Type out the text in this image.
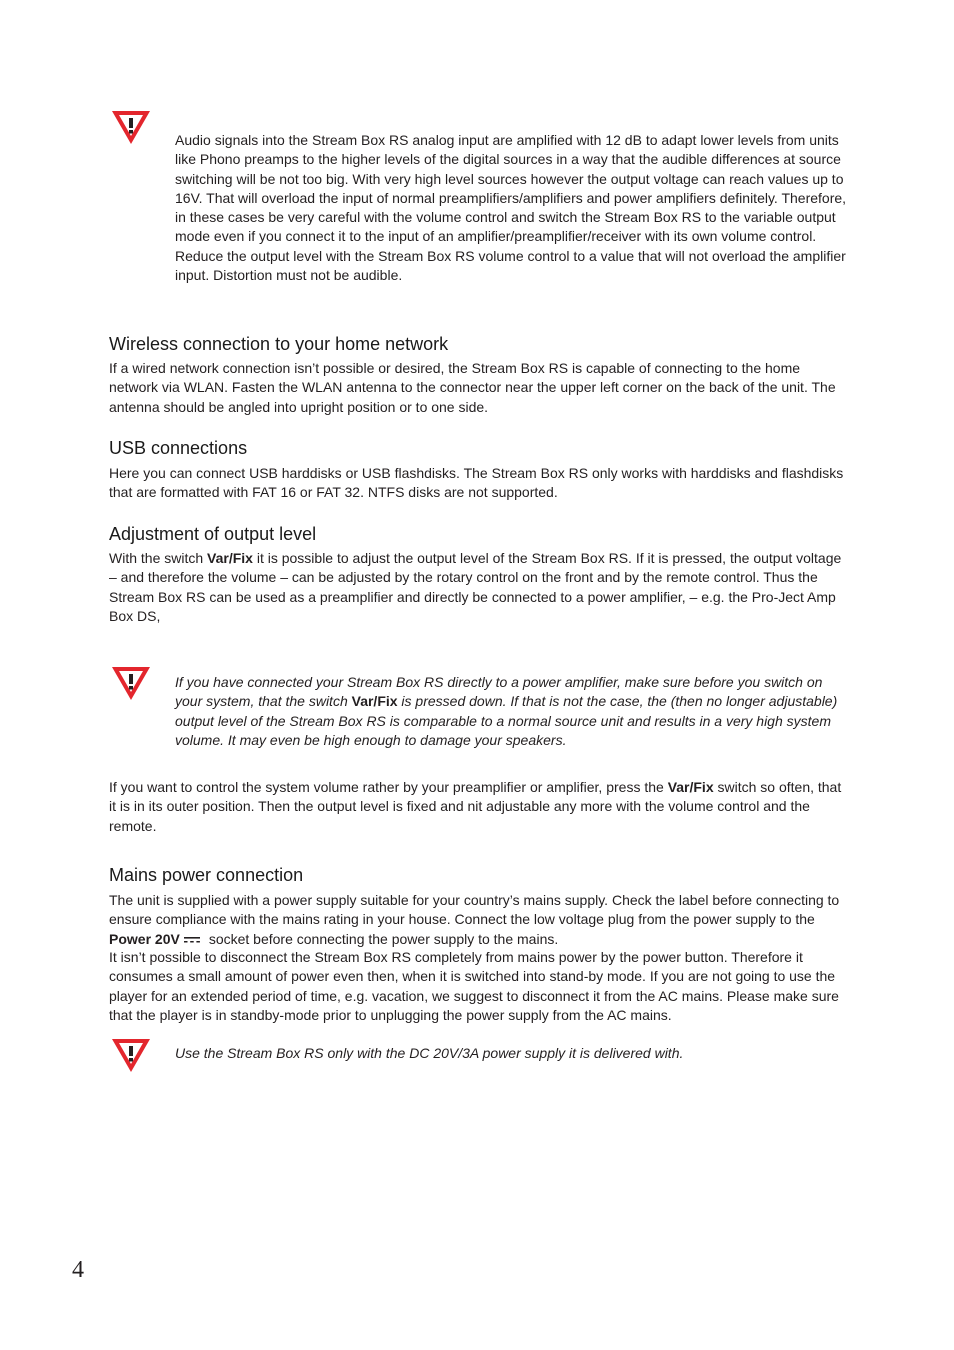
Audio signals into the Stream Box RS analog input are amplified with 12 dB to adapt lower levels from units like Phono preamps to the higher levels of the digital sources in a way that the audible differences at source switching will be not too big. With very high level sources however the output voltage can reach values up to 16V. That will overload the input of normal preamplifiers/amplifiers and power amplifiers definitely. Therefore, in these cases be very careful with the volume control and switch the Stream Box RS to the variable output mode even if you connect it to the input of an amplifier/preamplifier/receiver with its own volume control. Reduce the output level with the Stream Box RS volume control to a value that will not overload the amplifier input. Distortion must not be audible.

Wireless connection to your home network

If a wired network connection isn’t possible or desired, the Stream Box RS is capable of connecting to the home network via WLAN. Fasten the WLAN antenna to the connector near the upper left corner on the back of the unit. The antenna should be angled into upright position or to one side.

USB connections

Here you can connect USB harddisks or USB flashdisks. The Stream Box RS only works with harddisks and flashdisks that are formatted with FAT 16 or FAT 32. NTFS disks are not supported.

Adjustment of output level

With the switch Var/Fix it is possible to adjust the output level of the Stream Box RS. If it is pressed, the output voltage – and therefore the volume – can be adjusted by the rotary control on the front and by the remote control. Thus the Stream Box RS can be used as a preamplifier and directly be connected to a power amplifier, – e.g. the Pro-Ject Amp Box DS,

If you have connected your Stream Box RS directly to a power amplifier, make sure before you switch on your system, that the switch Var/Fix is pressed down. If that is not the case, the (then no longer adjustable) output level of the Stream Box RS is comparable to a normal source unit and results in a very high system volume. It may even be high enough to damage your speakers.

If you want to control the system volume rather by your preamplifier or amplifier, press the Var/Fix switch so often, that it is in its outer position. Then the output level is fixed and nit adjustable any more with the volume control and the remote.

Mains power connection

The unit is supplied with a power supply suitable for your country’s mains supply. Check the label before connecting to ensure compliance with the mains rating in your house. Connect the low voltage plug from the power supply to the Power 20V socket before connecting the power supply to the mains.

It isn’t possible to disconnect the Stream Box RS completely from mains power by the power button. Therefore it consumes a small amount of power even then, when it is switched into stand-by mode. If you are not going to use the player for an extended period of time, e.g. vacation, we suggest to disconnect it from the AC mains. Please make sure that the player is in standby-mode prior to unplugging the power supply from the AC mains.

Use the Stream Box RS only with the DC 20V/3A power supply it is delivered with.

4
